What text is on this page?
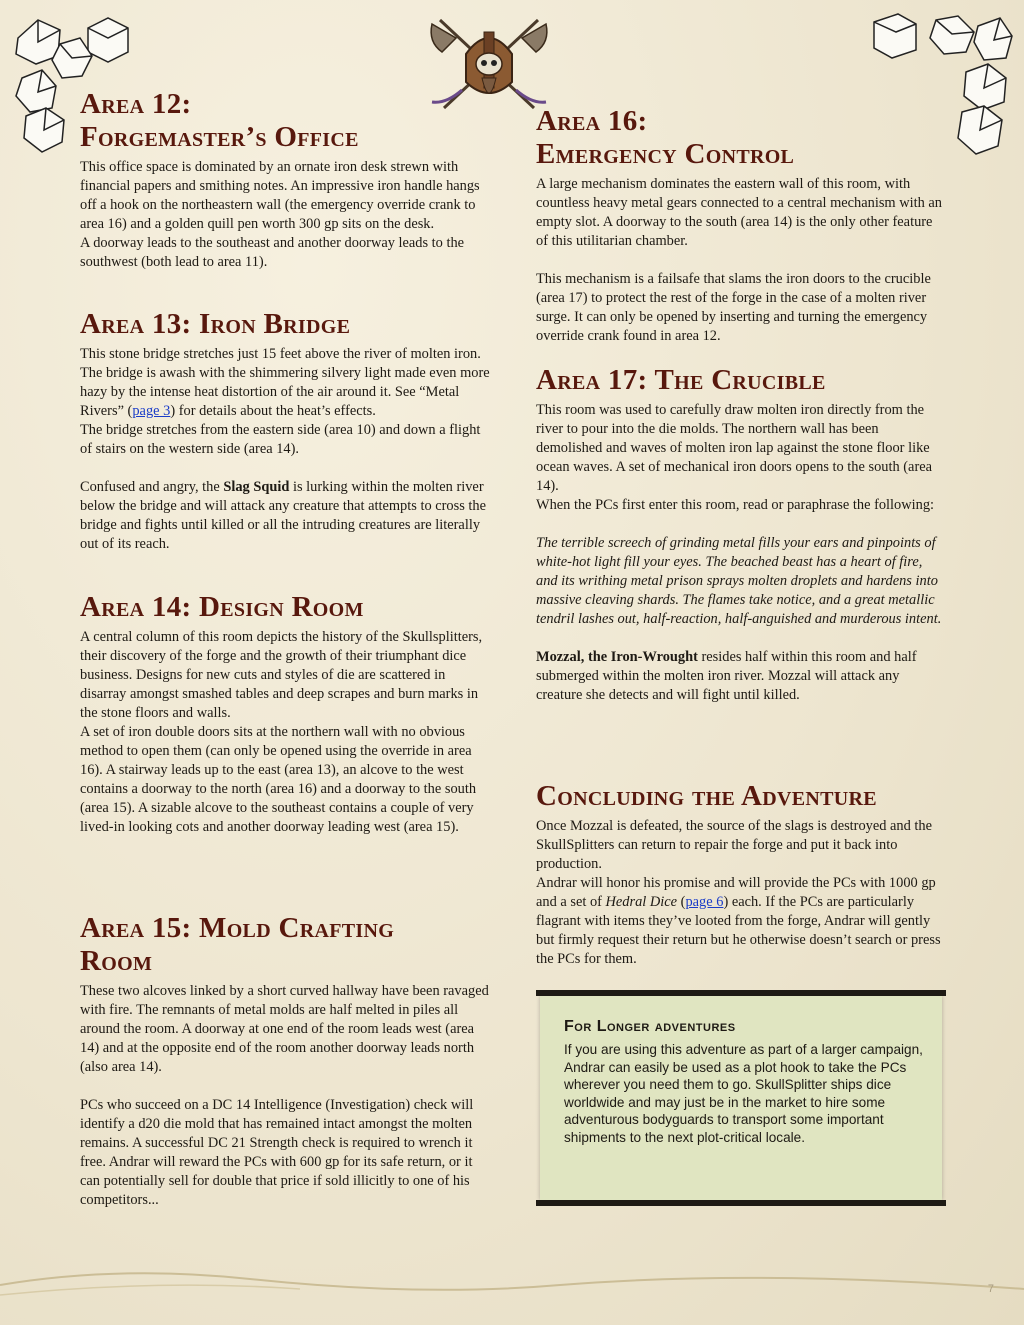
Area 12:
Forgemaster’s Office

This office space is dominated by an ornate iron desk strewn with financial papers and smithing notes. An impressive iron handle hangs off a hook on the northeastern wall (the emergency override crank to area 16) and a golden quill pen worth 300 gp sits on the desk.

A doorway leads to the southeast and another doorway leads to the southwest (both lead to area 11).

Area 13: Iron Bridge

This stone bridge stretches just 15 feet above the river of molten iron. The bridge is awash with the shimmering silvery light made even more hazy by the intense heat distortion of the air around it. See “Metal Rivers” (page 3) for details about the heat’s effects.

The bridge stretches from the eastern side (area 10) and down a flight of stairs on the western side (area 14).

Confused and angry, the Slag Squid is lurking within the molten river below the bridge and will attack any creature that attempts to cross the bridge and fights until killed or all the intruding creatures are literally out of its reach.

Area 14: Design Room

A central column of this room depicts the history of the Skullsplitters, their discovery of the forge and the growth of their triumphant dice business. Designs for new cuts and styles of die are scattered in disarray amongst smashed tables and deep scrapes and burn marks in the stone floors and walls.

A set of iron double doors sits at the northern wall with no obvious method to open them (can only be opened using the override in area 16). A stairway leads up to the east (area 13), an alcove to the west contains a doorway to the north (area 16) and a doorway to the south (area 15). A sizable alcove to the southeast contains a couple of very lived-in looking cots and another doorway leading west (area 15).

Area 15: Mold Crafting
Room

These two alcoves linked by a short curved hallway have been ravaged with fire. The remnants of metal molds are half melted in piles all around the room. A doorway at one end of the room leads west (area 14) and at the opposite end of the room another doorway leads north (also area 14).

PCs who succeed on a DC 14 Intelligence (Investigation) check will identify a d20 die mold that has remained intact amongst the molten remains. A successful DC 21 Strength check is required to wrench it free. Andrar will reward the PCs with 600 gp for its safe return, or it can potentially sell for double that price if sold illicitly to one of his competitors...

Area 16:
Emergency Control

A large mechanism dominates the eastern wall of this room, with countless heavy metal gears connected to a central mechanism with an empty slot. A doorway to the south (area 14) is the only other feature of this utilitarian chamber.

This mechanism is a failsafe that slams the iron doors to the crucible (area 17) to protect the rest of the forge in the case of a molten river surge. It can only be opened by inserting and turning the emergency override crank found in area 12.

Area 17: The Crucible

This room was used to carefully draw molten iron directly from the river to pour into the die molds. The northern wall has been demolished and waves of molten iron lap against the stone floor like ocean waves. A set of mechanical iron doors opens to the south (area 14).

When the PCs first enter this room, read or paraphrase the following:

The terrible screech of grinding metal fills your ears and pinpoints of white-hot light fill your eyes. The beached beast has a heart of fire, and its writhing metal prison sprays molten droplets and hardens into massive cleaving shards. The flames take notice, and a great metallic tendril lashes out, half-reaction, half-anguished and murderous intent.

Mozzal, the Iron-Wrought resides half within this room and half submerged within the molten iron river. Mozzal will attack any creature she detects and will fight until killed.

Concluding the Adventure

Once Mozzal is defeated, the source of the slags is destroyed and the SkullSplitters can return to repair the forge and put it back into production.

Andrar will honor his promise and will provide the PCs with 1000 gp and a set of Hedral Dice (page 6) each. If the PCs are particularly flagrant with items they’ve looted from the forge, Andrar will gently but firmly request their return but he otherwise doesn’t search or press the PCs for them.

For Longer adventures

If you are using this adventure as part of a larger campaign, Andrar can easily be used as a plot hook to take the PCs wherever you need them to go. SkullSplitter ships dice worldwide and may just be in the market to hire some adventurous bodyguards to transport some important shipments to the next plot-critical locale.

7
